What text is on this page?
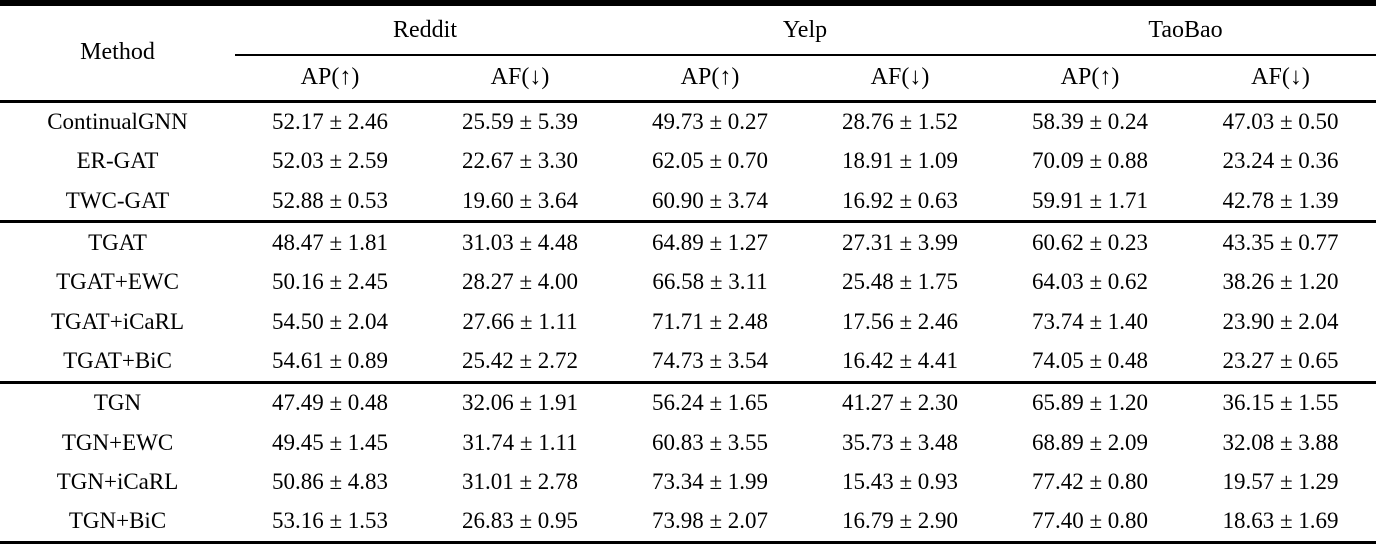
Method	Reddit		Yelp		TaoBao	
	AP(↑)	AF(↓)	AP(↑)	AF(↓)	AP(↑)	AF(↓)
ContinualGNN	52.17 ± 2.46	25.59 ± 5.39	49.73 ± 0.27	28.76 ± 1.52	58.39 ± 0.24	47.03 ± 0.50
ER-GAT	52.03 ± 2.59	22.67 ± 3.30	62.05 ± 0.70	18.91 ± 1.09	70.09 ± 0.88	23.24 ± 0.36
TWC-GAT	52.88 ± 0.53	19.60 ± 3.64	60.90 ± 3.74	16.92 ± 0.63	59.91 ± 1.71	42.78 ± 1.39
TGAT	48.47 ± 1.81	31.03 ± 4.48	64.89 ± 1.27	27.31 ± 3.99	60.62 ± 0.23	43.35 ± 0.77
TGAT+EWC	50.16 ± 2.45	28.27 ± 4.00	66.58 ± 3.11	25.48 ± 1.75	64.03 ± 0.62	38.26 ± 1.20
TGAT+iCaRL	54.50 ± 2.04	27.66 ± 1.11	71.71 ± 2.48	17.56 ± 2.46	73.74 ± 1.40	23.90 ± 2.04
TGAT+BiC	54.61 ± 0.89	25.42 ± 2.72	74.73 ± 3.54	16.42 ± 4.41	74.05 ± 0.48	23.27 ± 0.65
TGN	47.49 ± 0.48	32.06 ± 1.91	56.24 ± 1.65	41.27 ± 2.30	65.89 ± 1.20	36.15 ± 1.55
TGN+EWC	49.45 ± 1.45	31.74 ± 1.11	60.83 ± 3.55	35.73 ± 3.48	68.89 ± 2.09	32.08 ± 3.88
TGN+iCaRL	50.86 ± 4.83	31.01 ± 2.78	73.34 ± 1.99	15.43 ± 0.93	77.42 ± 0.80	19.57 ± 1.29
TGN+BiC	53.16 ± 1.53	26.83 ± 0.95	73.98 ± 2.07	16.79 ± 2.90	77.40 ± 0.80	18.63 ± 1.69
